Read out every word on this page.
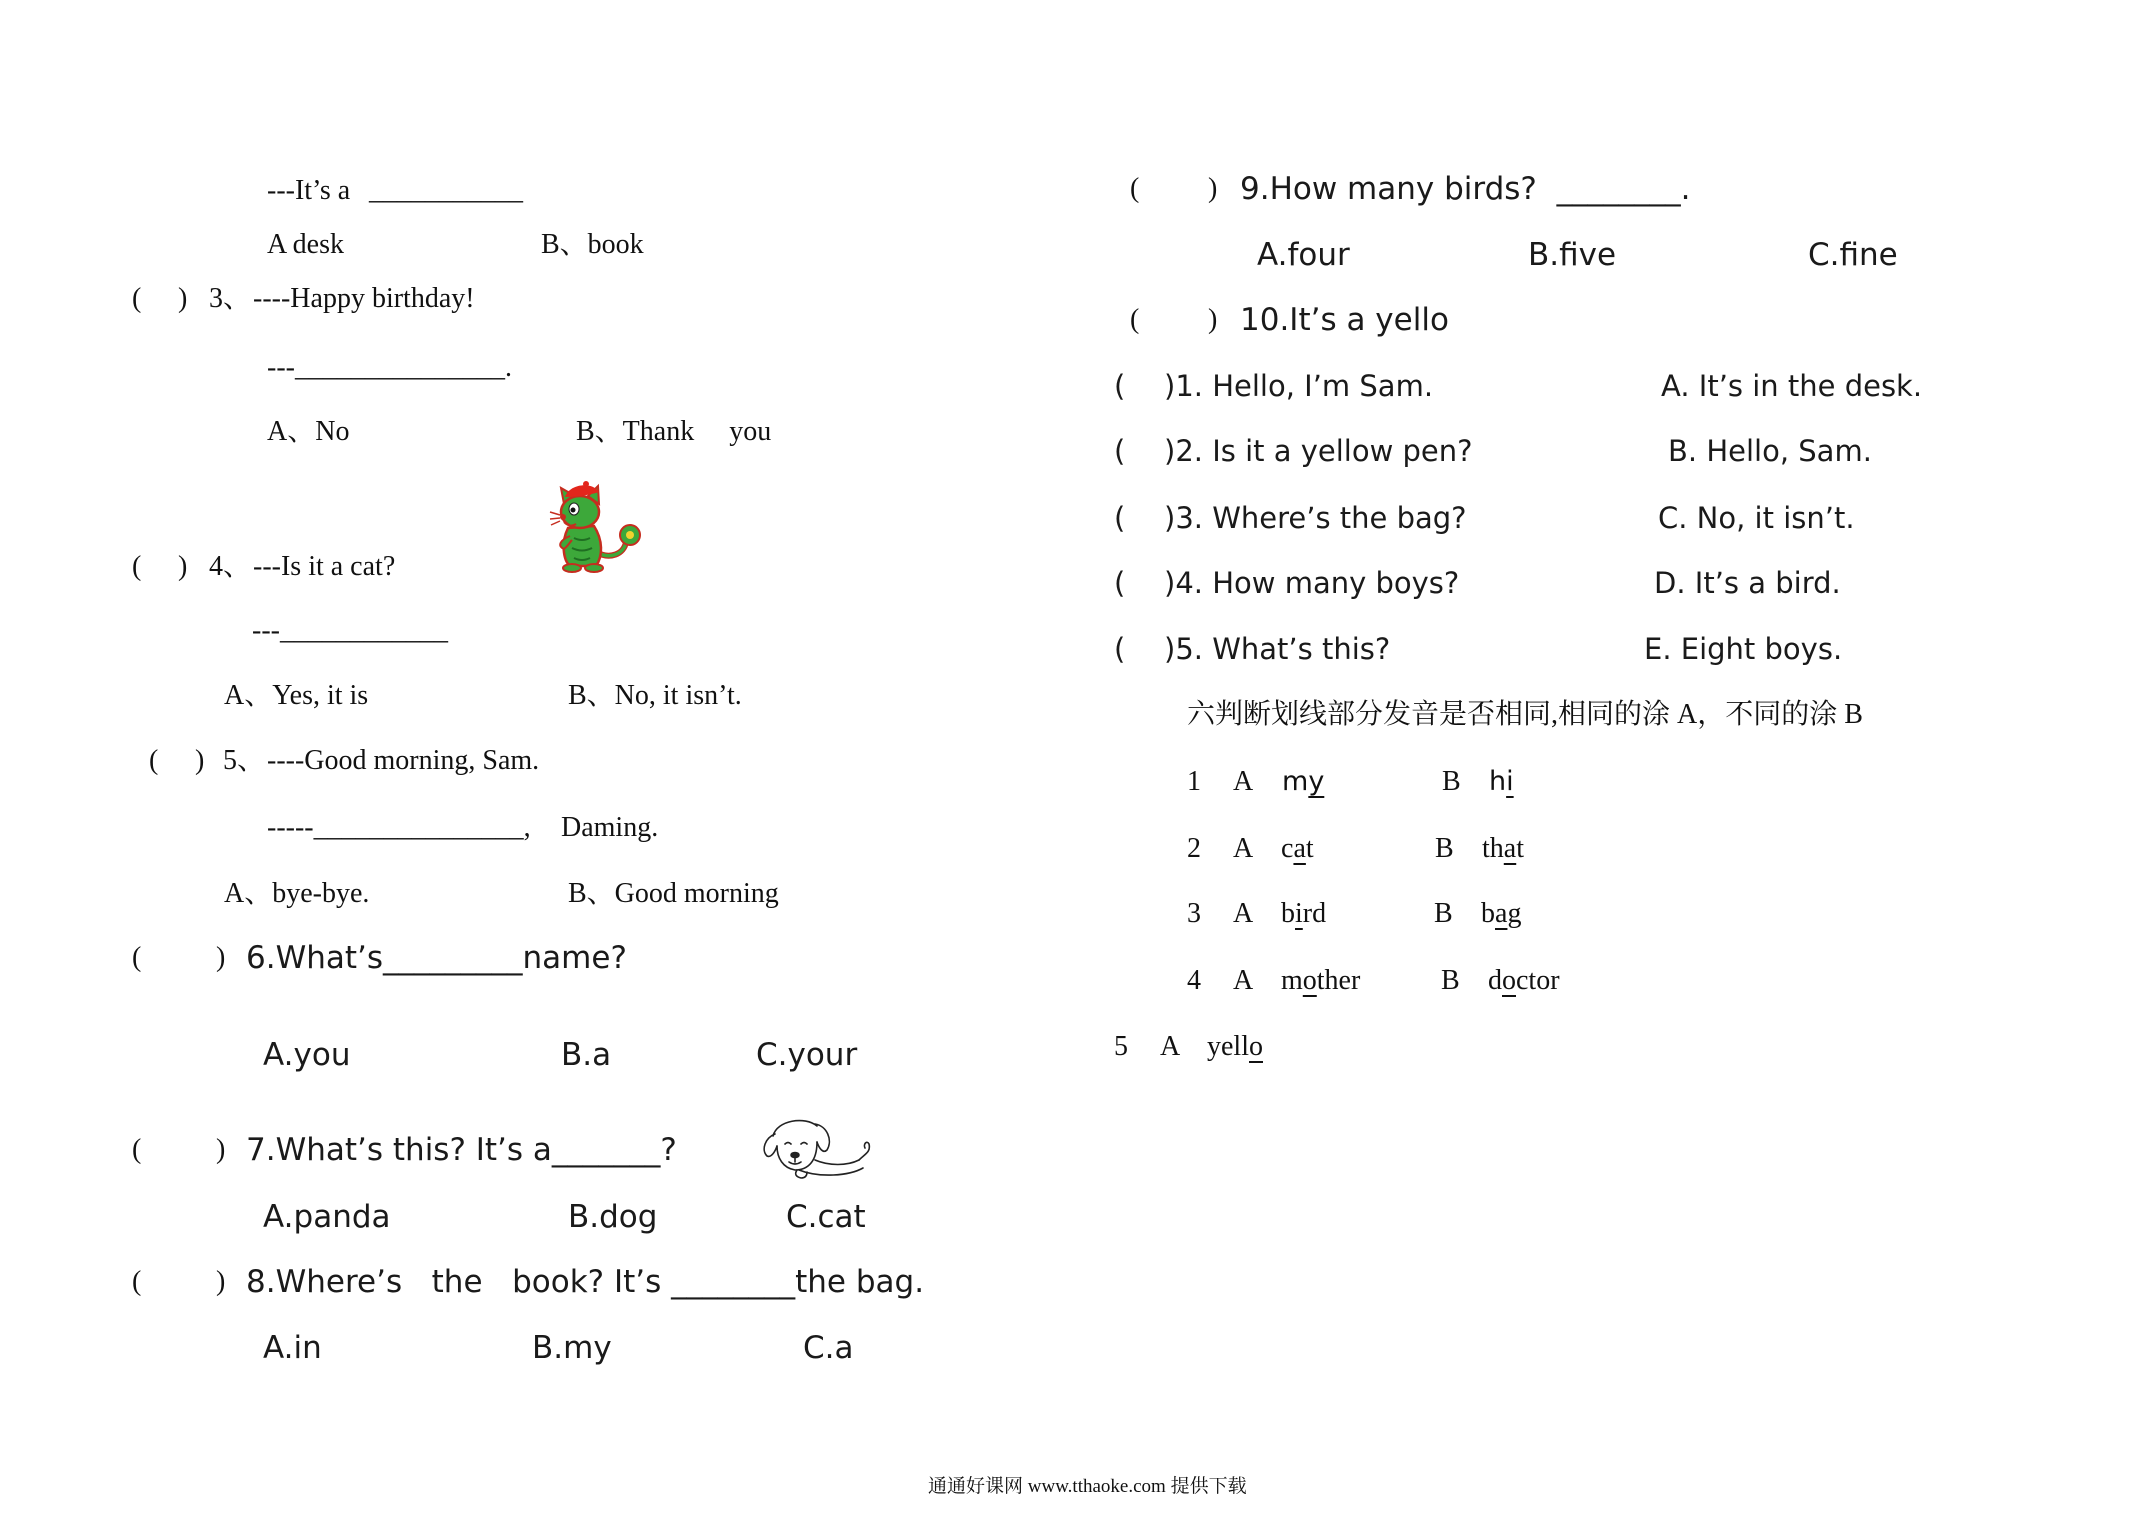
---It’s a ___________
A desk	B、book
( ) 3、 ----Happy birthday!
---_______________.
A、No	B、Thank     you
( ) 4、 ---Is it a cat?
---____________
A、Yes, it is	B、No, it isn’t.
( ) 5、 ----Good morning, Sam.
-----_______________, Daming.
A、bye-bye.	B、Good morning
(	) 6.What’s_________name?
A.you	B.a	C.your
(	) 7.What’s this? It’s a_______?
A.panda	B.dog	C.cat
(	) 8.Where’s   the   book? It’s ________the bag.
A.in	B.my	C.a
( ) 9.How many birds?  ________.
A.four	B.five	C.fine
( ) 10.It’s a yello
( )1. Hello, I’m Sam.	A. It’s in the desk.
( )2. Is it a yellow pen?	B. Hello, Sam.
( )3. Where’s the bag?	C. No, it isn’t.
( )4. How many boys?	D. It’s a bird.
( )5. What’s this?	E. Eight boys.
六判断划线部分发音是否相同,相同的涂 A，不同的涂 B
1 A my	B hi
2 A cat	B that
3 A bird	B bag
4 A mother	B doctor
5 A yello
通通好课网 www.tthaoke.com 提供下载
